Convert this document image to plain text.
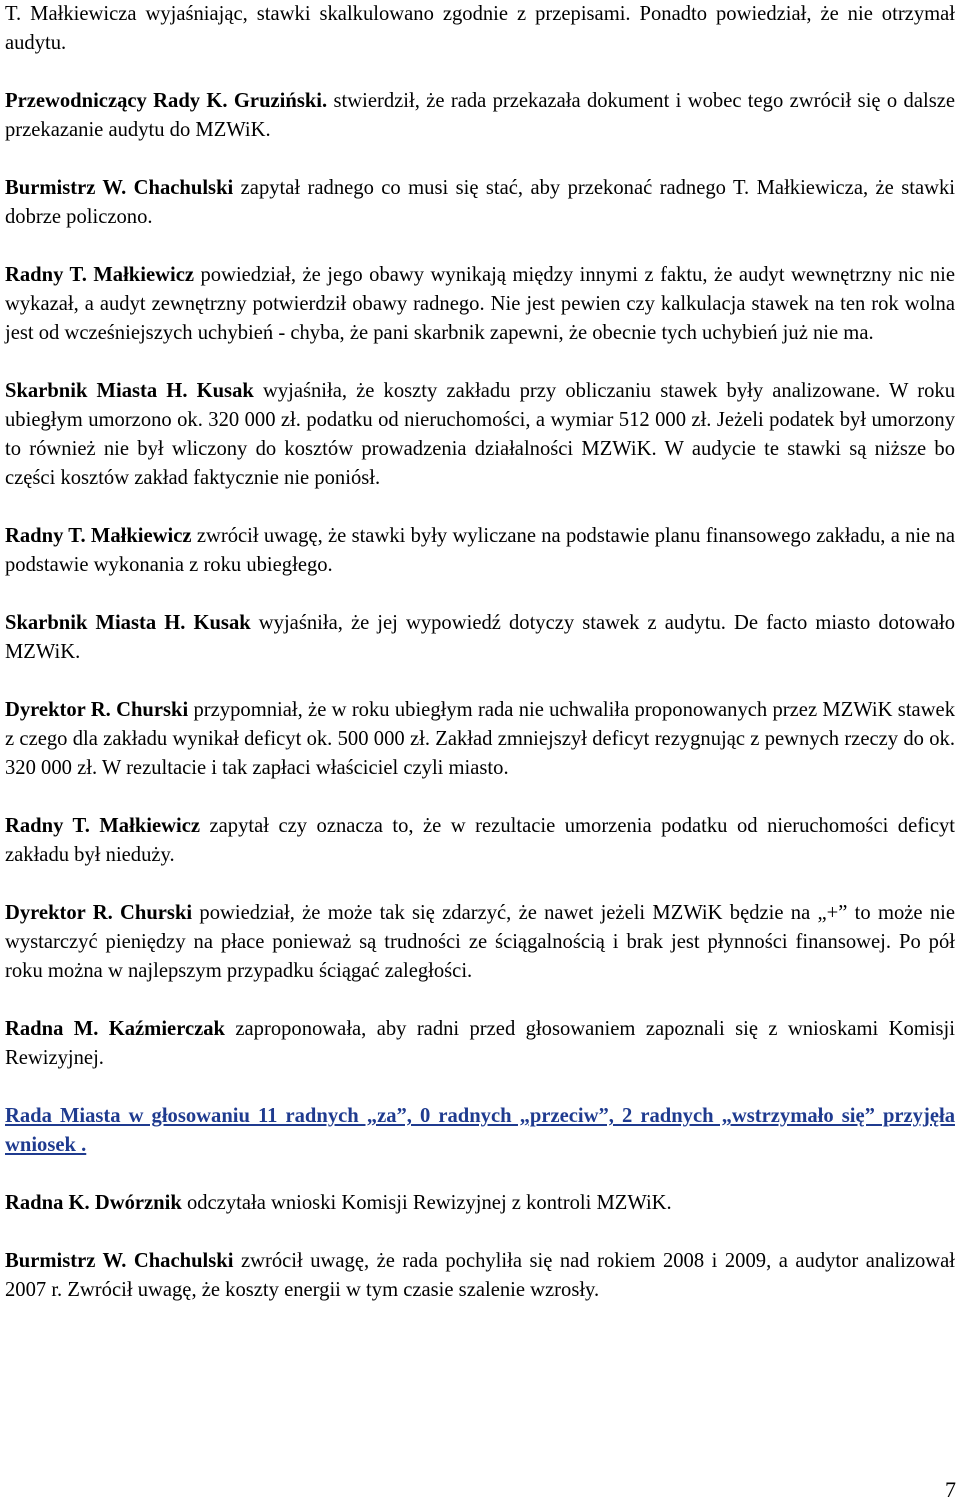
T. Małkiewicza wyjaśniając, stawki skalkulowano zgodnie z przepisami. Ponadto powiedział, że nie otrzymał audytu.

Przewodniczący Rady K. Gruziński. stwierdził, że rada przekazała dokument i wobec tego zwrócił się o dalsze przekazanie audytu do MZWiK.

Burmistrz W. Chachulski zapytał radnego co musi się stać, aby przekonać radnego T. Małkiewicza, że stawki dobrze policzono.

Radny T. Małkiewicz powiedział, że jego obawy wynikają między innymi z faktu, że audyt wewnętrzny nic nie wykazał, a audyt zewnętrzny potwierdził obawy radnego. Nie jest pewien czy kalkulacja stawek na ten rok wolna jest od wcześniejszych uchybień - chyba, że pani skarbnik zapewni, że obecnie tych uchybień już nie ma.

Skarbnik Miasta H. Kusak wyjaśniła, że koszty zakładu przy obliczaniu stawek były analizowane. W roku ubiegłym umorzono ok. 320 000 zł. podatku od nieruchomości, a wymiar 512 000 zł. Jeżeli podatek był umorzony to również nie był wliczony do kosztów prowadzenia działalności MZWiK. W audycie te stawki są niższe bo części kosztów zakład faktycznie nie poniósł.

Radny T. Małkiewicz zwrócił uwagę, że stawki były wyliczane na podstawie planu finansowego zakładu, a nie na podstawie wykonania z roku ubiegłego.

Skarbnik Miasta H. Kusak wyjaśniła, że jej wypowiedź dotyczy stawek z audytu. De facto miasto dotowało MZWiK.

Dyrektor R. Churski przypomniał, że w roku ubiegłym rada nie uchwaliła proponowanych przez MZWiK stawek z czego dla zakładu wynikał deficyt ok. 500 000 zł. Zakład zmniejszył deficyt rezygnując z pewnych rzeczy do ok. 320 000 zł. W rezultacie i tak zapłaci właściciel czyli miasto.

Radny T. Małkiewicz zapytał czy oznacza to, że w rezultacie umorzenia podatku od nieruchomości deficyt zakładu był nieduży.

Dyrektor R. Churski powiedział, że może tak się zdarzyć, że nawet jeżeli MZWiK będzie na „+” to może nie wystarczyć pieniędzy na płace ponieważ są trudności ze ściągalnością i brak jest płynności finansowej. Po pół roku można w najlepszym przypadku ściągać zaległości.

Radna M. Kaźmierczak zaproponowała, aby radni przed głosowaniem zapoznali się z wnioskami Komisji Rewizyjnej.

Rada Miasta w głosowaniu 11 radnych „za”, 0 radnych „przeciw”, 2 radnych „wstrzymało się” przyjęła wniosek .

Radna K. Dwórznik odczytała wnioski Komisji Rewizyjnej z kontroli MZWiK.

Burmistrz W. Chachulski zwrócił uwagę, że rada pochyliła się nad rokiem 2008 i 2009, a audytor analizował 2007 r. Zwrócił uwagę, że koszty energii w tym czasie szalenie wzrosły.

7
